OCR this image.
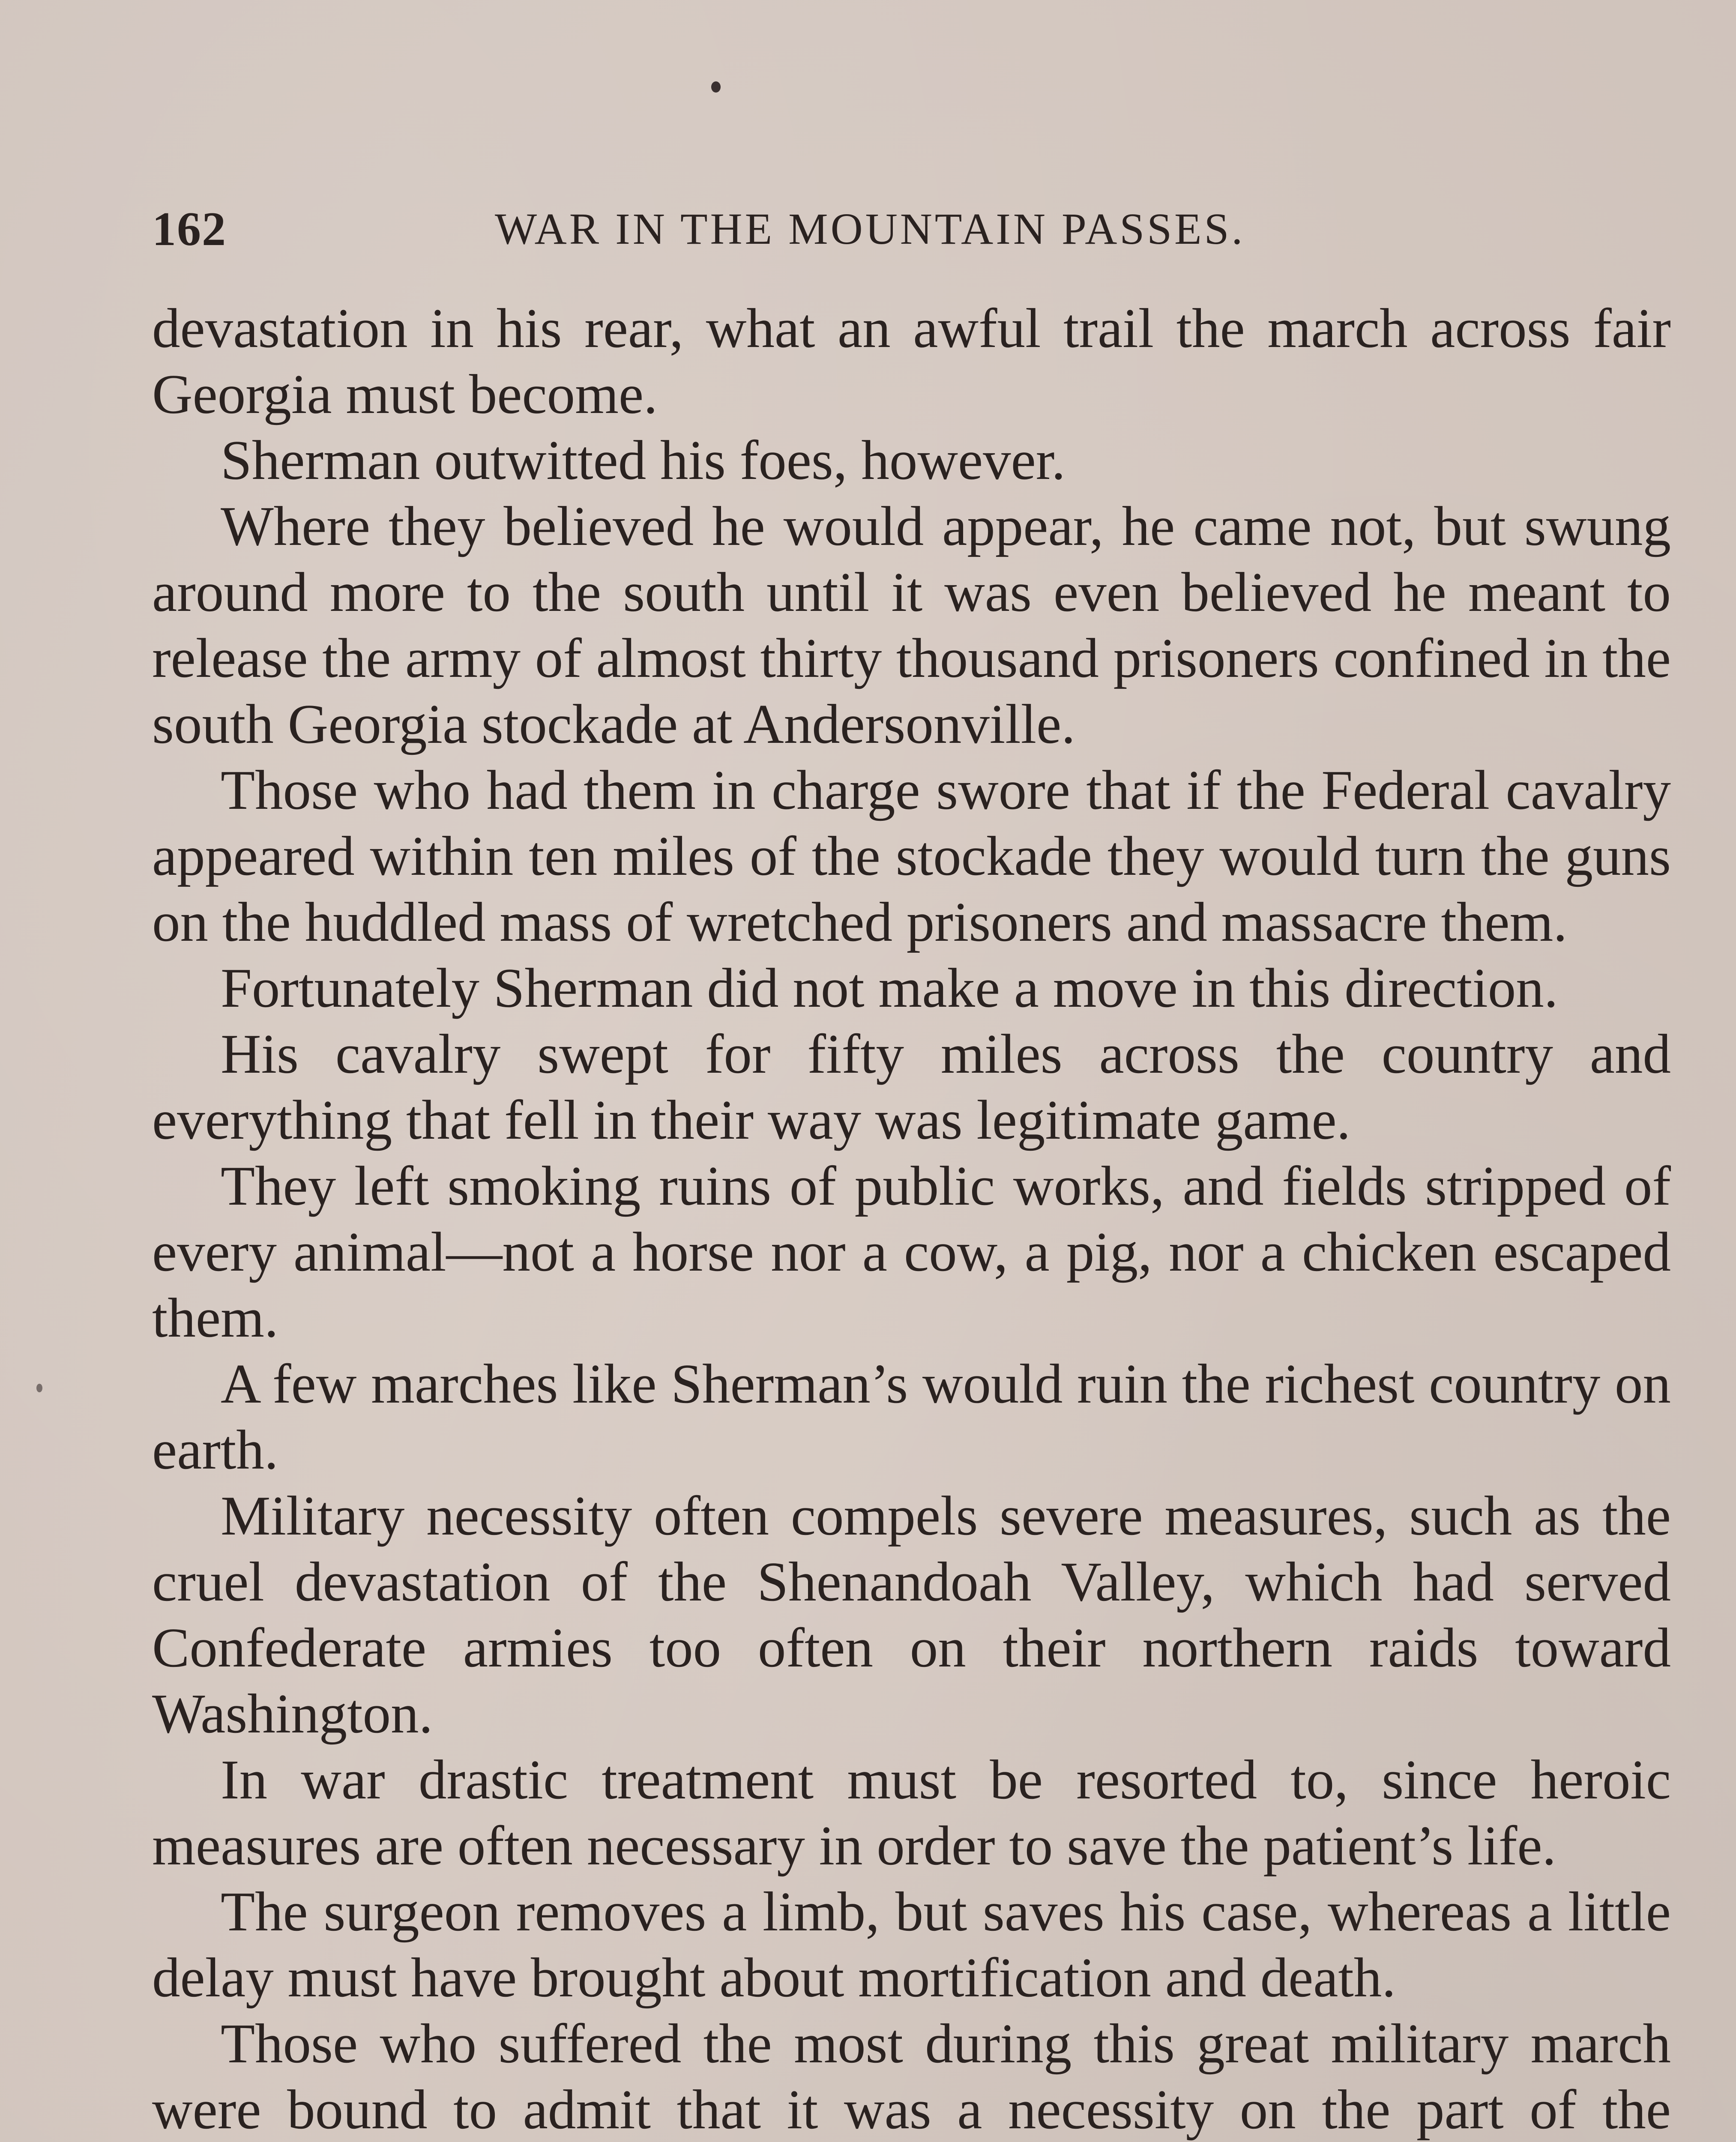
162	WAR IN THE MOUNTAIN PASSES.

devastation in his rear, what an awful trail the march across fair Georgia must become.

Sherman outwitted his foes, however.

Where they believed he would appear, he came not, but swung around more to the south until it was even believed he meant to release the army of almost thirty thousand prisoners confined in the south Georgia stockade at Andersonville.

Those who had them in charge swore that if the Federal cavalry appeared within ten miles of the stockade they would turn the guns on the huddled mass of wretched prisoners and massacre them.

Fortunately Sherman did not make a move in this direction.

His cavalry swept for fifty miles across the country and everything that fell in their way was legitimate game.

They left smoking ruins of public works, and fields stripped of every animal—not a horse nor a cow, a pig, nor a chicken escaped them.

A few marches like Sherman’s would ruin the richest country on earth.

Military necessity often compels severe measures, such as the cruel devastation of the Shenandoah Valley, which had served Confederate armies too often on their northern raids toward Washington.

In war drastic treatment must be resorted to, since heroic measures are often necessary in order to save the patient’s life.

The surgeon removes a limb, but saves his case, whereas a little delay must have brought about mortification and death.

Those who suffered the most during this great military march were bound to admit that it was a necessity on the part of the
